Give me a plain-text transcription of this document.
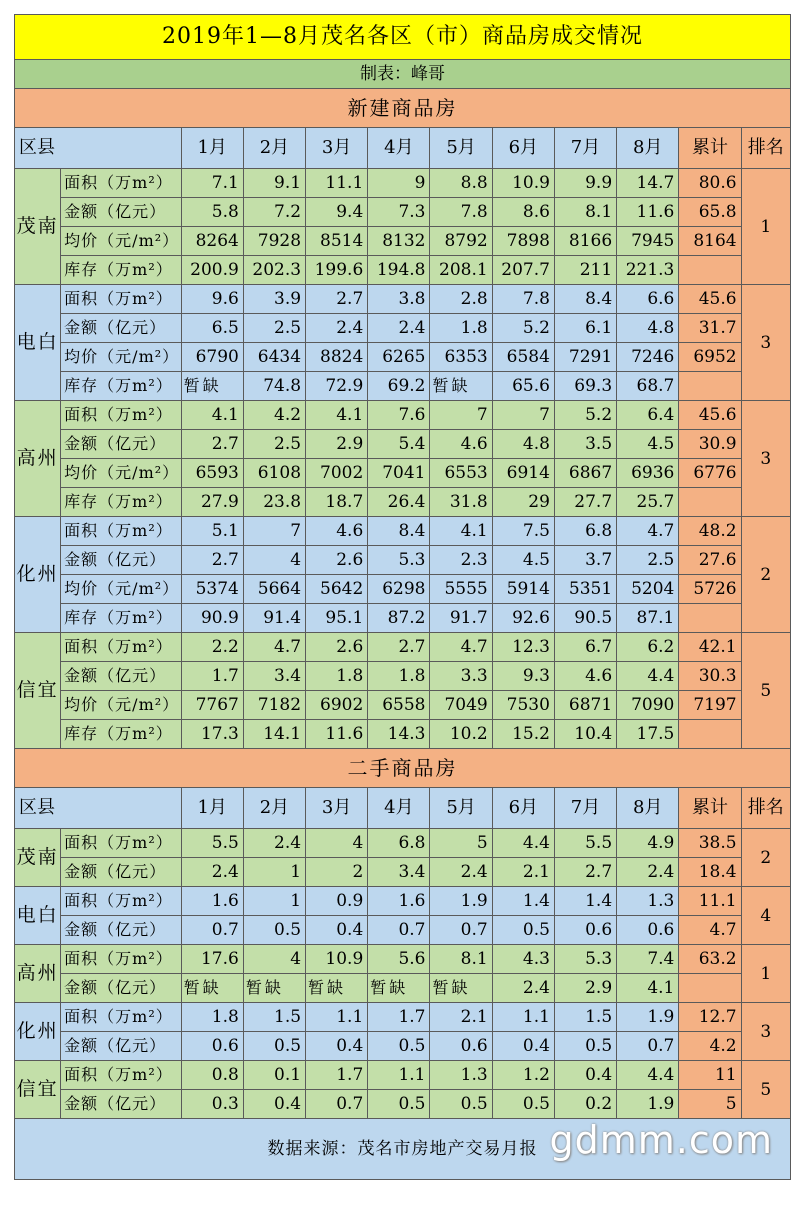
2019年1—8月茂名各区（市）商品房成交情况											
制表：峰哥											
新建商品房											
区县		1月	2月	3月	4月	5月	6月	7月	8月	累计	排名
茂南	面积（万m²）	7.1	9.1	11.1	9	8.8	10.9	9.9	14.7	80.6	1
	金额（亿元）	5.8	7.2	9.4	7.3	7.8	8.6	8.1	11.6	65.8	
	均价（元/m²）	8264	7928	8514	8132	8792	7898	8166	7945	8164	
	库存（万m²）	200.9	202.3	199.6	194.8	208.1	207.7	211	221.3		
电白	面积（万m²）	9.6	3.9	2.7	3.8	2.8	7.8	8.4	6.6	45.6	3
	金额（亿元）	6.5	2.5	2.4	2.4	1.8	5.2	6.1	4.8	31.7	
	均价（元/m²）	6790	6434	8824	6265	6353	6584	7291	7246	6952	
	库存（万m²）	暂缺	74.8	72.9	69.2	暂缺	65.6	69.3	68.7		
高州	面积（万m²）	4.1	4.2	4.1	7.6	7	7	5.2	6.4	45.6	3
	金额（亿元）	2.7	2.5	2.9	5.4	4.6	4.8	3.5	4.5	30.9	
	均价（元/m²）	6593	6108	7002	7041	6553	6914	6867	6936	6776	
	库存（万m²）	27.9	23.8	18.7	26.4	31.8	29	27.7	25.7		
化州	面积（万m²）	5.1	7	4.6	8.4	4.1	7.5	6.8	4.7	48.2	2
	金额（亿元）	2.7	4	2.6	5.3	2.3	4.5	3.7	2.5	27.6	
	均价（元/m²）	5374	5664	5642	6298	5555	5914	5351	5204	5726	
	库存（万m²）	90.9	91.4	95.1	87.2	91.7	92.6	90.5	87.1		
信宜	面积（万m²）	2.2	4.7	2.6	2.7	4.7	12.3	6.7	6.2	42.1	5
	金额（亿元）	1.7	3.4	1.8	1.8	3.3	9.3	4.6	4.4	30.3	
	均价（元/m²）	7767	7182	6902	6558	7049	7530	6871	7090	7197	
	库存（万m²）	17.3	14.1	11.6	14.3	10.2	15.2	10.4	17.5		
二手商品房											
区县		1月	2月	3月	4月	5月	6月	7月	8月	累计	排名
茂南	面积（万m²）	5.5	2.4	4	6.8	5	4.4	5.5	4.9	38.5	2
	金额（亿元）	2.4	1	2	3.4	2.4	2.1	2.7	2.4	18.4	
电白	面积（万m²）	1.6	1	0.9	1.6	1.9	1.4	1.4	1.3	11.1	4
	金额（亿元）	0.7	0.5	0.4	0.7	0.7	0.5	0.6	0.6	4.7	
高州	面积（万m²）	17.6	4	10.9	5.6	8.1	4.3	5.3	7.4	63.2	1
	金额（亿元）	暂缺	暂缺	暂缺	暂缺	暂缺	2.4	2.9	4.1		
化州	面积（万m²）	1.8	1.5	1.1	1.7	2.1	1.1	1.5	1.9	12.7	3
	金额（亿元）	0.6	0.5	0.4	0.5	0.6	0.4	0.5	0.7	4.2	
信宜	面积（万m²）	0.8	0.1	1.7	1.1	1.3	1.2	0.4	4.4	11	5
	金额（亿元）	0.3	0.4	0.7	0.5	0.5	0.5	0.2	1.9	5	
数据来源：茂名市房地产交易月报											gdmm.com
